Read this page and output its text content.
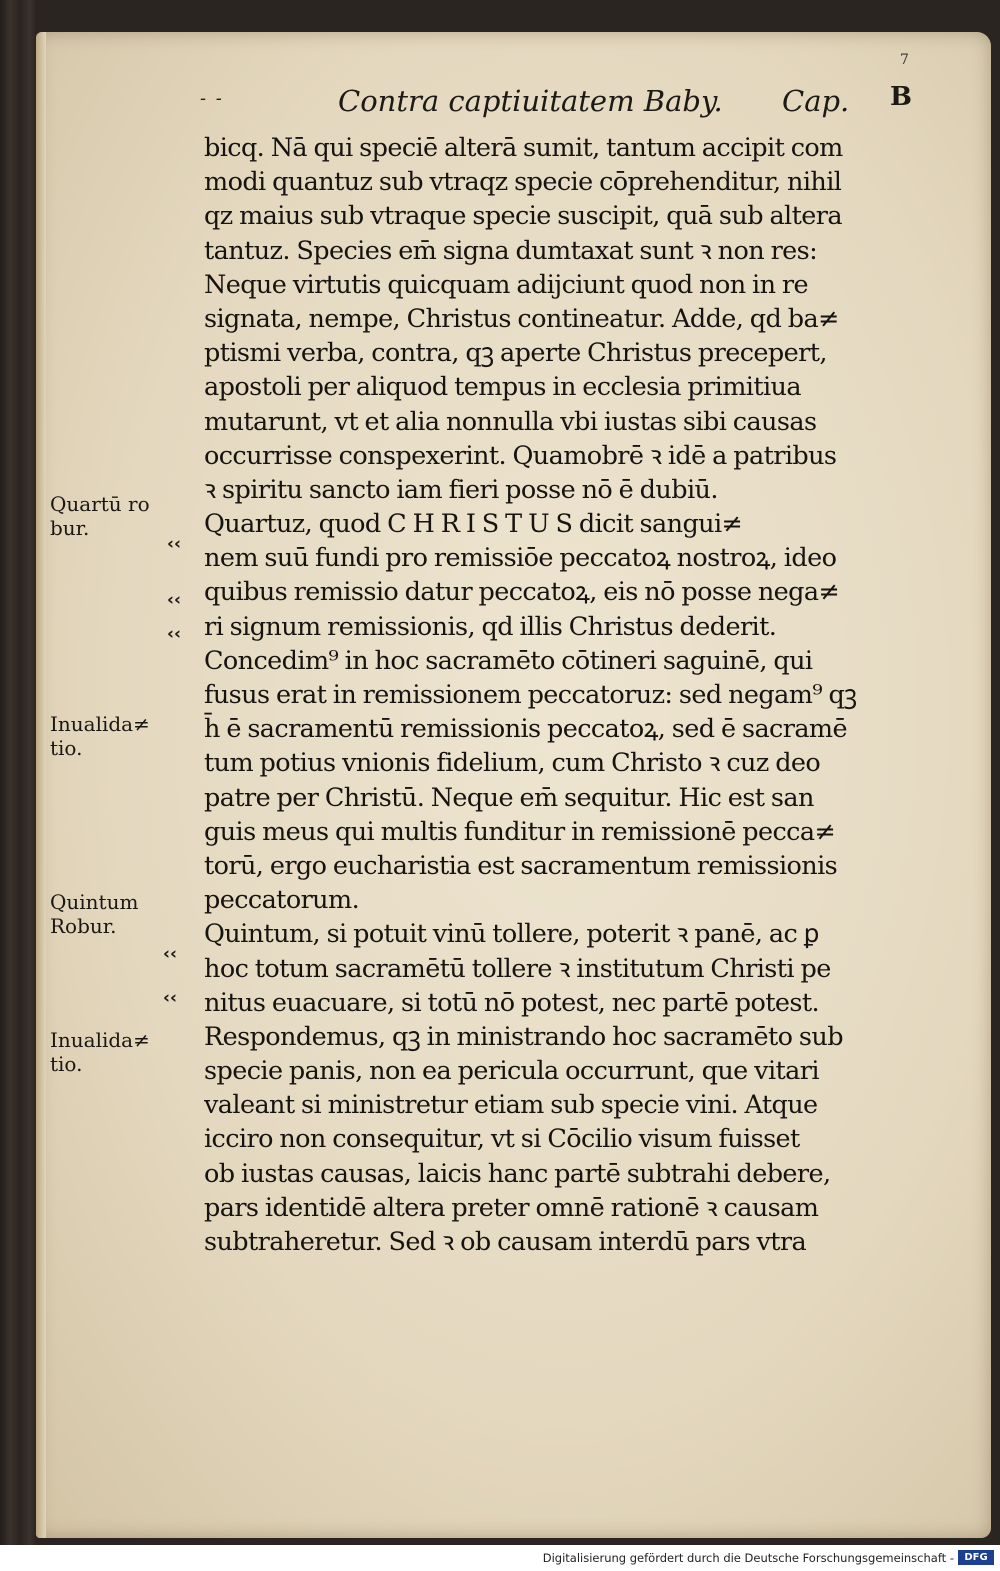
7
- -	Contra captiuitatem Baby. Cap. B
bicq. Nā qui speciē alterā sumit, tantum accipit com
modi quantuz sub vtraqz specie cōprehenditur, nihil
qz maius sub vtraque specie suscipit, quā sub altera
tantuz. Species em̄ signa dumtaxat sunt ꝛ non res:
Neque virtutis quicquam adijciunt quod non in re
signata, nempe, Christus contineatur. Adde, qd ba≠
ptismi verba, contra, qꝫ aperte Christus precepert,
apostoli per aliquod tempus in ecclesia primitiua
mutarunt, vt et alia nonnulla vbi iustas sibi causas
occurrisse conspexerint. Quamobrē ꝛ idē a patribus
ꝛ spiritu sancto iam fieri posse nō ē dubiū.
Quartuz, quod C H R I S T U S dicit sangui≠
nem suū fundi pro remissiōe peccatoꝝ nostroꝝ, ideo
quibus remissio datur peccatoꝝ, eis nō posse nega≠
ri signum remissionis, qd illis Christus dederit.
Concedim⁹ in hoc sacramēto cōtineri saguinē, qui
fusus erat in remissionem peccatoruz: sed negam⁹ qꝫ
h̄ ē sacramentū remissionis peccatoꝝ, sed ē sacramē
tum potius vnionis fidelium, cum Christo ꝛ cuz deo
patre per Christū. Neque em̄ sequitur. Hic est san
guis meus qui multis funditur in remissionē pecca≠
torū, ergo eucharistia est sacramentum remissionis
peccatorum.
Quintum, si potuit vinū tollere, poterit ꝛ panē, ac ꝑ
hoc totum sacramētū tollere ꝛ institutum Christi pe
nitus euacuare, si totū nō potest, nec partē potest.
Respondemus, qꝫ in ministrando hoc sacramēto sub
specie panis, non ea pericula occurrunt, que vitari
valeant si ministretur etiam sub specie vini. Atque
icciro non consequitur, vt si Cōcilio visum fuisset
ob iustas causas, laicis hanc partē subtrahi debere,
pars identidē altera preter omnē rationē ꝛ causam
subtraheretur. Sed ꝛ ob causam interdū pars vtra
Quartū ro
bur.
Inualida≠
tio.
Quintum
Robur.
Inualida≠
tio.
‹‹
‹‹
‹‹
‹‹
‹‹
Digitalisierung gefördert durch die Deutsche Forschungsgemeinschaft -	DFG
